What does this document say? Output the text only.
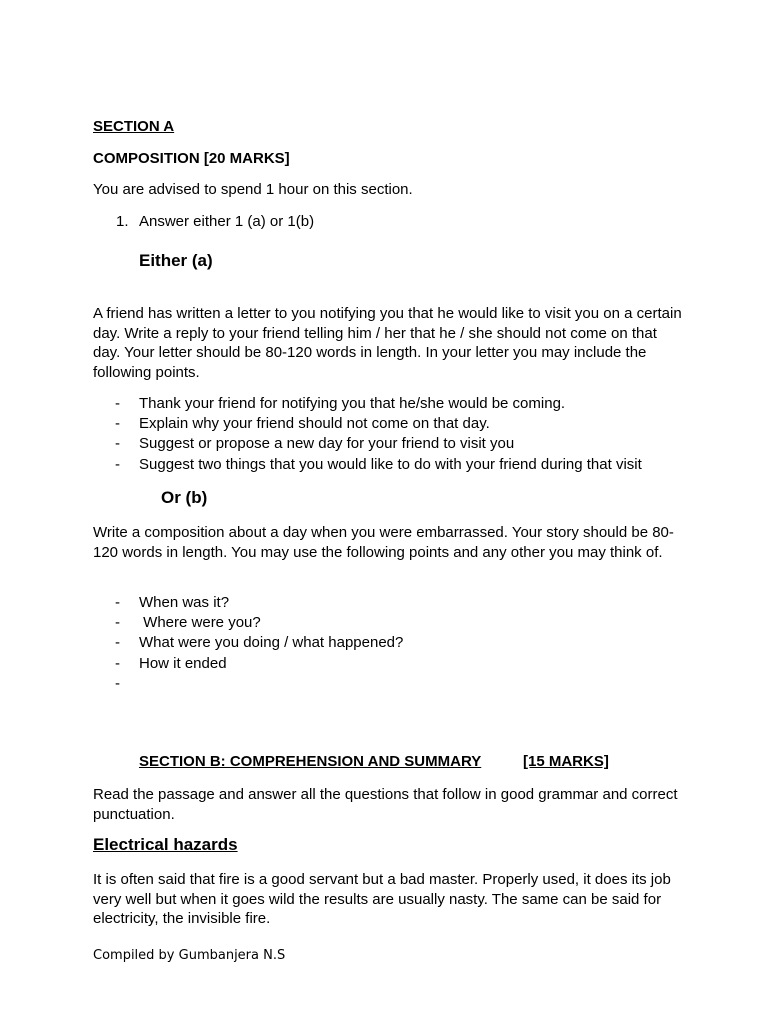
SECTION A

COMPOSITION [20 MARKS]

You are advised to spend 1 hour on this section.

1. Answer either 1 (a) or 1(b)

Either (a)

A friend has written a letter to you notifying you that he would like to visit you on a certain day. Write a reply to your friend telling him / her that he / she should not come on that day. Your letter should be 80-120 words in length. In your letter you may include the following points.

- Thank your friend for notifying you that he/she would be coming.
- Explain why your friend should not come on that day.
- Suggest or propose a new day for your friend to visit you
- Suggest two things that you would like to do with your friend during that visit

Or (b)

Write a composition about a day when you were embarrassed. Your story should be 80-120 words in length. You may use the following points and any other you may think of.

- When was it?
- Where were you?
- What were you doing / what happened?
- How it ended
-

SECTION B: COMPREHENSION AND SUMMARY	[15 MARKS]

Read the passage and answer all the questions that follow in good grammar and correct punctuation.

Electrical hazards

It is often said that fire is a good servant but a bad master. Properly used, it does its job very well but when it goes wild the results are usually nasty. The same can be said for electricity, the invisible fire.

Compiled by Gumbanjera N.S
